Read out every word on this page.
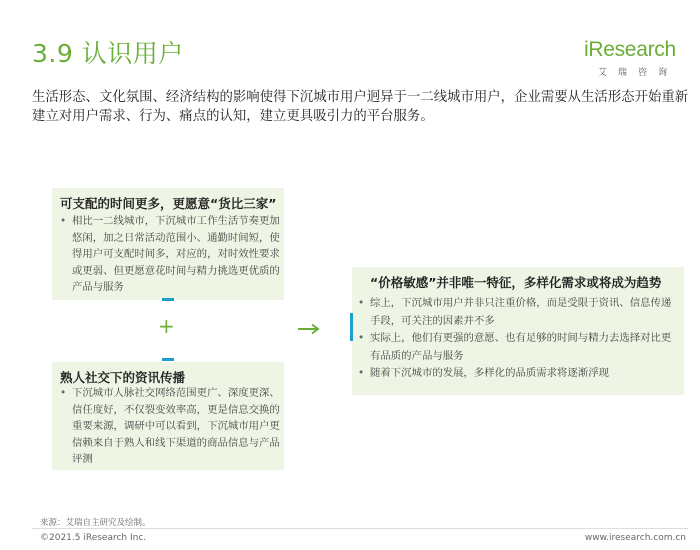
3.9 认识用户	iResearch
艾瑞咨询
生活形态、文化氛围、经济结构的影响使得下沉城市用户迥异于一二线城市用户，企业需要从生活形态开始重新建立对用户需求、行为、痛点的认知，建立更具吸引力的平台服务。
可支配的时间更多，更愿意“货比三家”
• 相比一二线城市，下沉城市工作生活节奏更加悠闲，加之日常活动范围小、通勤时间短，使得用户可支配时间多，对应的，对时效性要求或更弱、但更愿意花时间与精力挑选更优质的产品与服务
+
熟人社交下的资讯传播
• 下沉城市人脉社交网络范围更广、深度更深、信任度好，不仅裂变效率高，更是信息交换的重要来源，调研中可以看到，下沉城市用户更信赖来自于熟人和线下渠道的商品信息与产品评测
“价格敏感”并非唯一特征，多样化需求或将成为趋势
• 综上，下沉城市用户并非只注重价格，而是受限于资讯、信息传递手段，可关注的因素并不多
• 实际上，他们有更强的意愿、也有足够的时间与精力去选择对比更有品质的产品与服务
• 随着下沉城市的发展，多样化的品质需求将逐渐浮现
来源：艾瑞自主研究及绘制。
©2021.5 iResearch Inc.	www.iresearch.com.cn
